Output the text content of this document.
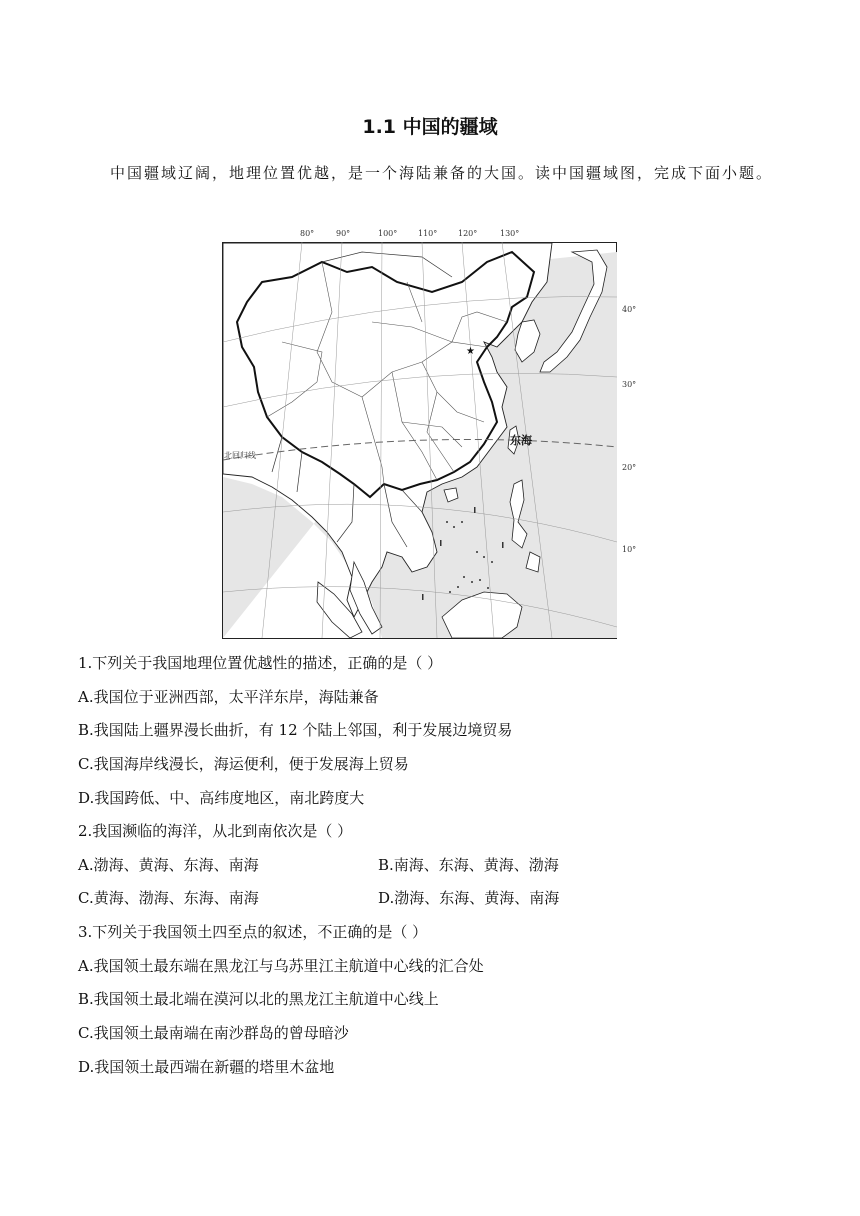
1.1 中国的疆域

中国疆域辽阔，地理位置优越，是一个海陆兼备的大国。读中国疆域图，完成下面小题。

80°	90°	100°	110°	120°	130°
北回归线
★
40°
30°
20°
10°
东海
1.下列关于我国地理位置优越性的描述，正确的是（ ）
A.我国位于亚洲西部，太平洋东岸，海陆兼备
B.我国陆上疆界漫长曲折，有 12 个陆上邻国，利于发展边境贸易
C.我国海岸线漫长，海运便利，便于发展海上贸易
D.我国跨低、中、高纬度地区，南北跨度大
2.我国濒临的海洋，从北到南依次是（ ）
A.渤海、黄海、东海、南海	B.南海、东海、黄海、渤海
C.黄海、渤海、东海、南海	D.渤海、东海、黄海、南海
3.下列关于我国领土四至点的叙述，不正确的是（ ）
A.我国领土最东端在黑龙江与乌苏里江主航道中心线的汇合处
B.我国领土最北端在漠河以北的黑龙江主航道中心线上
C.我国领土最南端在南沙群岛的曾母暗沙
D.我国领土最西端在新疆的塔里木盆地
